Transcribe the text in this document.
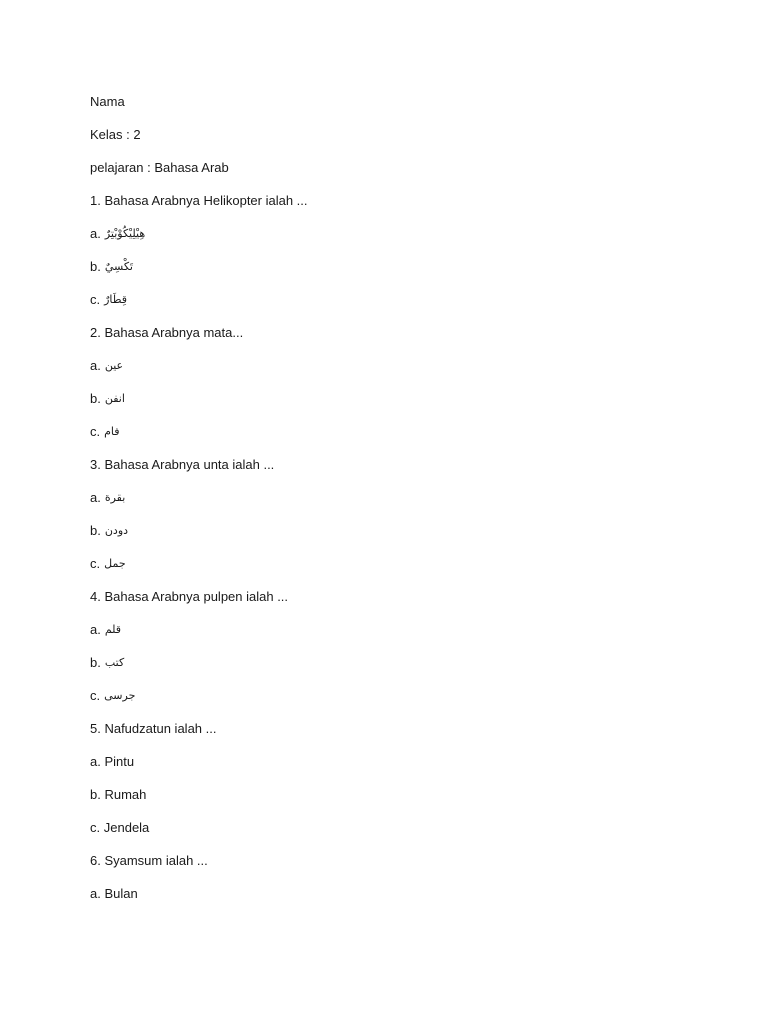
Nama
Kelas : 2
pelajaran : Bahasa Arab
1. Bahasa Arabnya Helikopter ialah ...
a. هِيْلِيْكُوْبْتِرٌ
b. تَكْسِيٌ
c. قِطَارٌ
2. Bahasa Arabnya mata...
a. عين
b. انفن
c. فام
3. Bahasa Arabnya unta ialah ...
a. بقرة
b. دودن
c. جمل
4. Bahasa Arabnya pulpen ialah ...
a. قلم
b. كتب
c. جرسى
5. Nafudzatun ialah ...
a.
Pintu
b.
Rumah
c.
Jendela
6. Syamsum ialah ...
a.
Bulan
